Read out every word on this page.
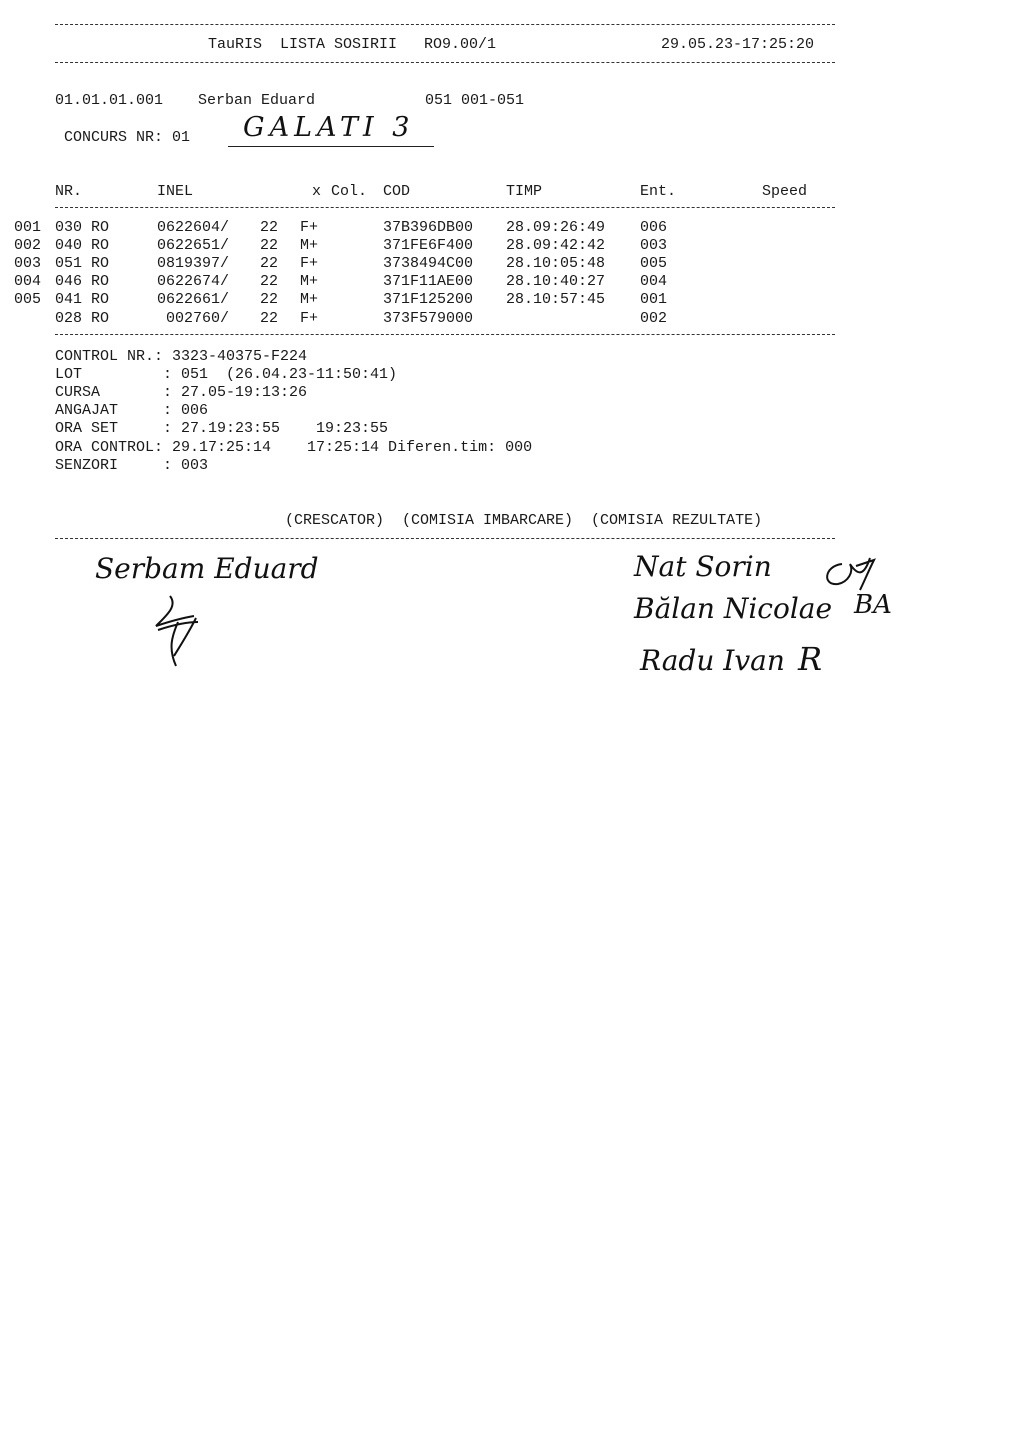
TauRIS  LISTA SOSIRII   RO9.00/1	29.05.23-17:25:20
01.01.01.001 Serban Eduard	051 001-051
CONCURS NR: 01 GALATI 3
NR.	INEL	x Col. COD	TIMP	Ent.	Speed
001 030 RO	0622604/ 22 F+	37B396DB00 28.09:26:49 006
002 040 RO	0622651/ 22 M+	371FE6F400 28.09:42:42 003
003 051 RO	0819397/ 22 F+	3738494C00 28.10:05:48 005
004 046 RO	0622674/ 22 M+	371F11AE00 28.10:40:27 004
005 041 RO	0622661/ 22 M+	371F125200 28.10:57:45 001
028 RO	002760/ 22 F+	373F579000	002
CONTROL NR.: 3323-40375-F224
LOT         : 051  (26.04.23-11:50:41)
CURSA       : 27.05-19:13:26
ANGAJAT     : 006
ORA SET     : 27.19:23:55    19:23:55
ORA CONTROL: 29.17:25:14    17:25:14 Diferen.tim: 000
SENZORI     : 003
(CRESCATOR)  (COMISIA IMBARCARE)  (COMISIA REZULTATE)
Serbam Eduard	Nat Sorin
Bălan Nicolae BA
Radu Ivan R
